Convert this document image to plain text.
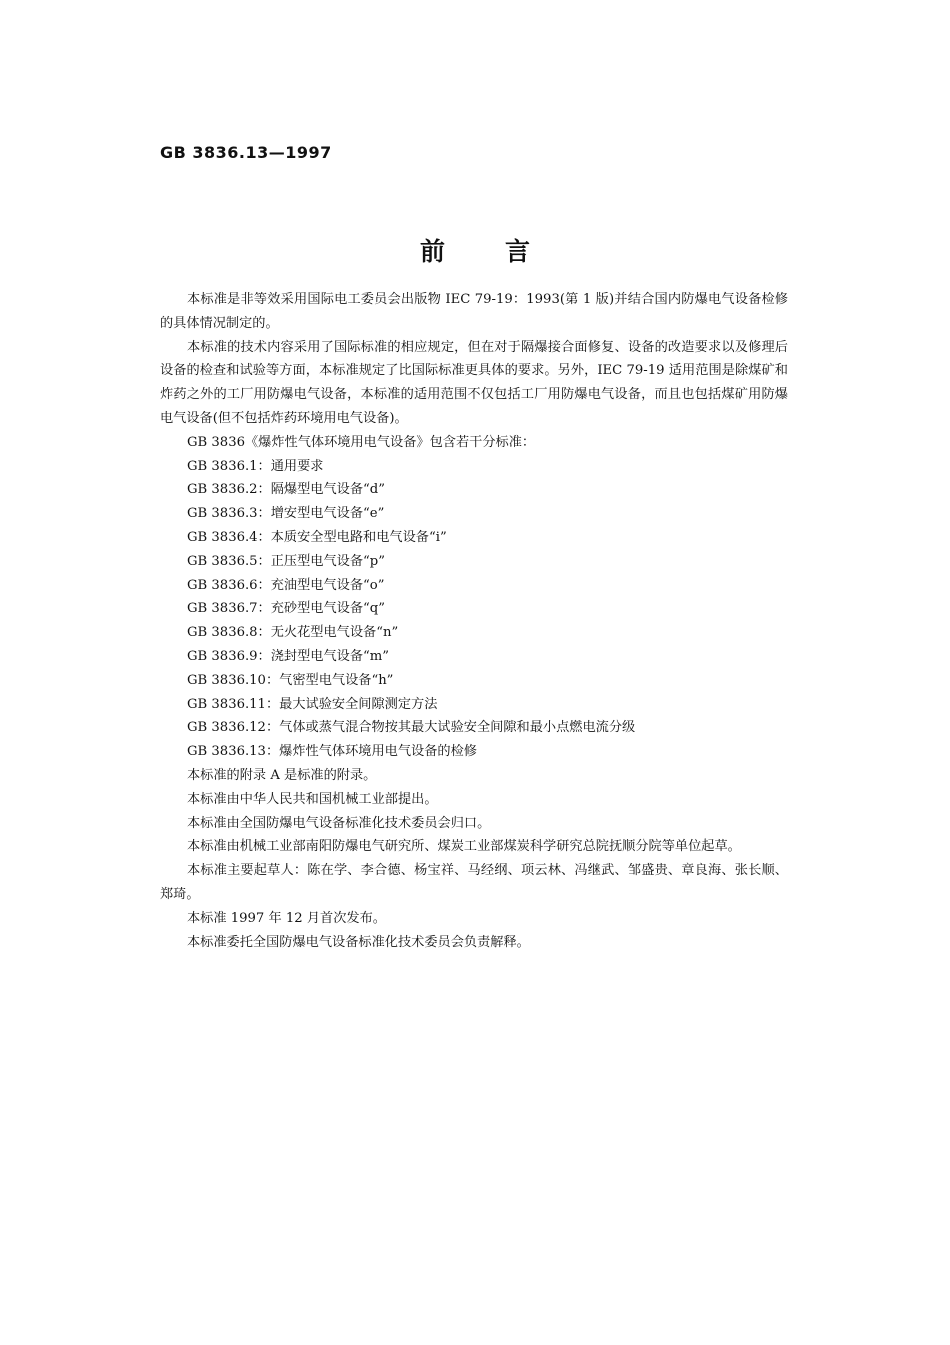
GB 3836.13—1997
前言

本标准是非等效采用国际电工委员会出版物 IEC 79-19：1993(第 1 版)并结合国内防爆电气设备检修的具体情况制定的。

本标准的技术内容采用了国际标准的相应规定，但在对于隔爆接合面修复、设备的改造要求以及修理后设备的检查和试验等方面，本标准规定了比国际标准更具体的要求。另外，IEC 79-19 适用范围是除煤矿和炸药之外的工厂用防爆电气设备，本标准的适用范围不仅包括工厂用防爆电气设备，而且也包括煤矿用防爆电气设备(但不包括炸药环境用电气设备)。

GB 3836《爆炸性气体环境用电气设备》包含若干分标准：

GB 3836.1：通用要求

GB 3836.2：隔爆型电气设备“d”

GB 3836.3：增安型电气设备“e”

GB 3836.4：本质安全型电路和电气设备“i”

GB 3836.5：正压型电气设备“p”

GB 3836.6：充油型电气设备“o”

GB 3836.7：充砂型电气设备“q”

GB 3836.8：无火花型电气设备“n”

GB 3836.9：浇封型电气设备“m”

GB 3836.10：气密型电气设备“h”

GB 3836.11：最大试验安全间隙测定方法

GB 3836.12：气体或蒸气混合物按其最大试验安全间隙和最小点燃电流分级

GB 3836.13：爆炸性气体环境用电气设备的检修

本标准的附录 A 是标准的附录。

本标准由中华人民共和国机械工业部提出。

本标准由全国防爆电气设备标准化技术委员会归口。

本标准由机械工业部南阳防爆电气研究所、煤炭工业部煤炭科学研究总院抚顺分院等单位起草。

本标准主要起草人：陈在学、李合德、杨宝祥、马经纲、项云林、冯继武、邹盛贵、章良海、张长顺、郑琦。

本标准 1997 年 12 月首次发布。

本标准委托全国防爆电气设备标准化技术委员会负责解释。
